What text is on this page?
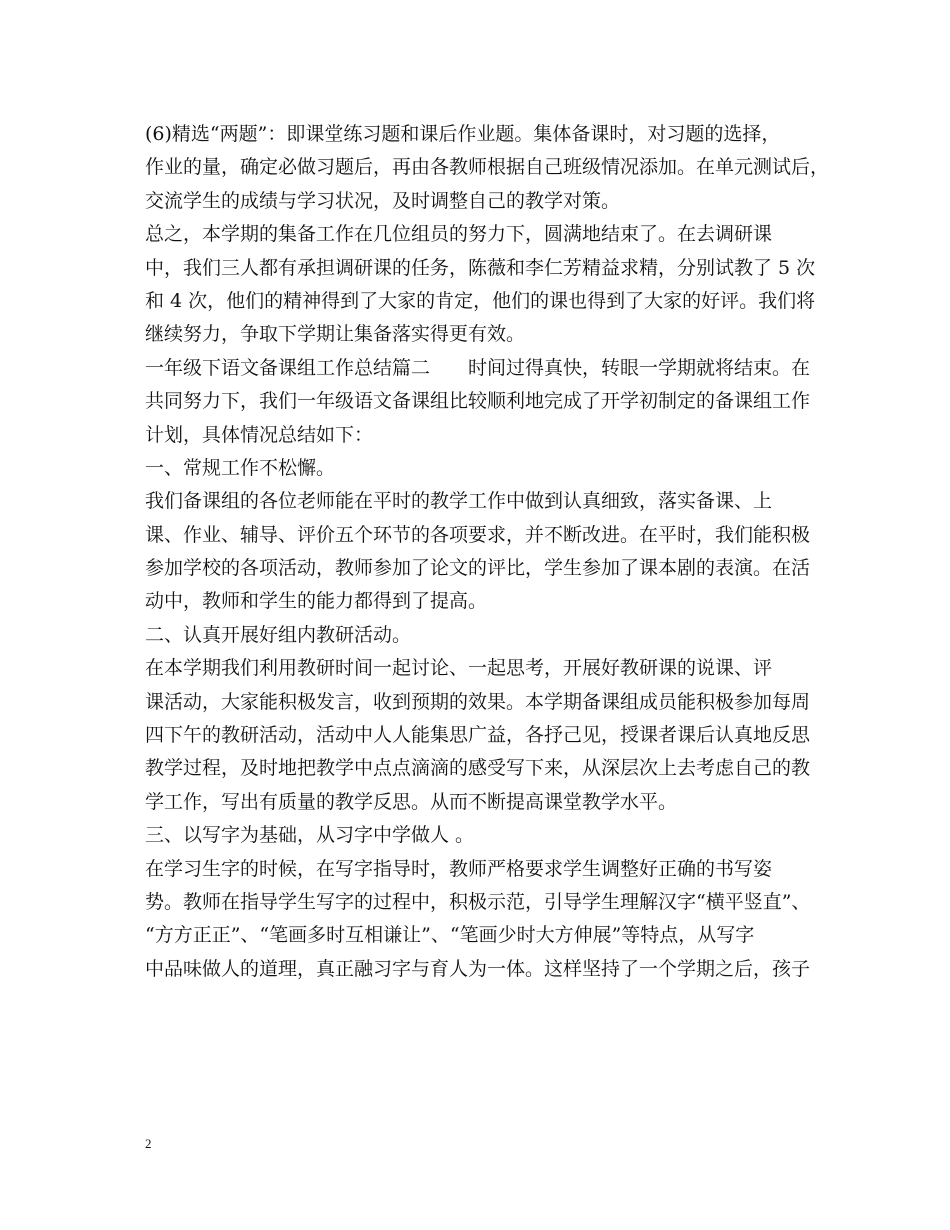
(6)精选“两题”：即课堂练习题和课后作业题。集体备课时，对习题的选择，
作业的量，确定必做习题后，再由各教师根据自己班级情况添加。在单元测试后，
交流学生的成绩与学习状况，及时调整自己的教学对策。
总之，本学期的集备工作在几位组员的努力下，圆满地结束了。在去调研课
中，我们三人都有承担调研课的任务，陈薇和李仁芳精益求精，分别试教了 5 次
和 4 次，他们的精神得到了大家的肯定，他们的课也得到了大家的好评。我们将
继续努力，争取下学期让集备落实得更有效。
一年级下语文备课组工作总结篇二　　时间过得真快，转眼一学期就将结束。在
共同努力下，我们一年级语文备课组比较顺利地完成了开学初制定的备课组工作
计划，具体情况总结如下：
一、常规工作不松懈。
我们备课组的各位老师能在平时的教学工作中做到认真细致，落实备课、上
课、作业、辅导、评价五个环节的各项要求，并不断改进。在平时，我们能积极
参加学校的各项活动，教师参加了论文的评比，学生参加了课本剧的表演。在活
动中，教师和学生的能力都得到了提高。
二、认真开展好组内教研活动。
在本学期我们利用教研时间一起讨论、一起思考，开展好教研课的说课、评
课活动，大家能积极发言，收到预期的效果。本学期备课组成员能积极参加每周
四下午的教研活动，活动中人人能集思广益，各抒己见，授课者课后认真地反思
教学过程，及时地把教学中点点滴滴的感受写下来，从深层次上去考虑自己的教
学工作，写出有质量的教学反思。从而不断提高课堂教学水平。
三、以写字为基础，从习字中学做人 。
在学习生字的时候，在写字指导时，教师严格要求学生调整好正确的书写姿
势。教师在指导学生写字的过程中，积极示范，引导学生理解汉字“横平竖直”、
“方方正正”、“笔画多时互相谦让”、“笔画少时大方伸展”等特点，从写字
中品味做人的道理，真正融习字与育人为一体。这样坚持了一个学期之后，孩子
2
